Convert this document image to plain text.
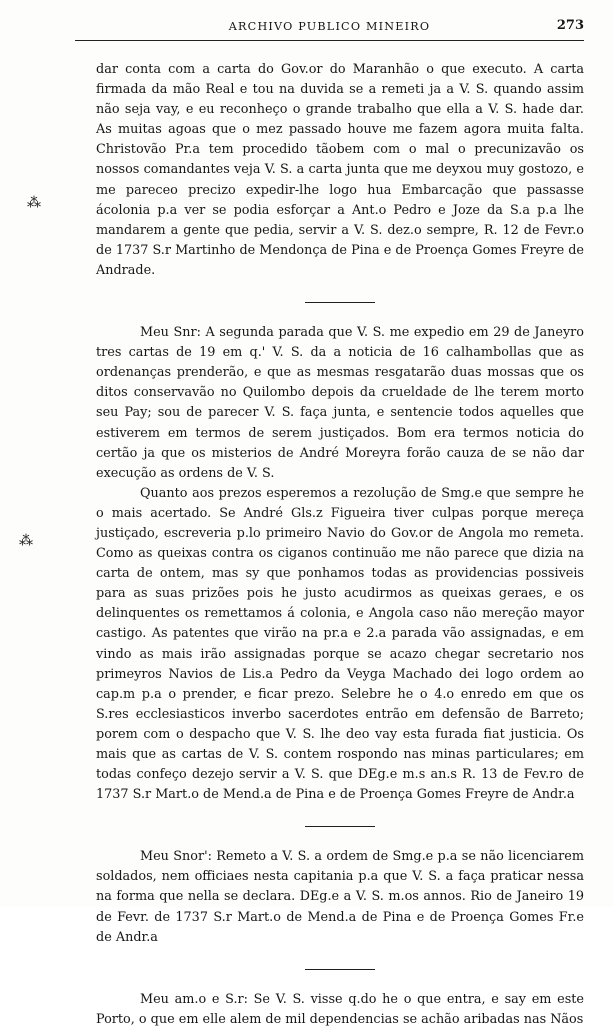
ARCHIVO PUBLICO MINEIRO	273
⁂
⁂

dar conta com a carta do Gov.or do Maranhão o que executo. A carta firmada da mão Real e tou na duvida se a remeti ja a V. S. quando assim não seja vay, e eu reconheço o grande trabalho que ella a V. S. hade dar. As muitas agoas que o mez passado houve me fazem agora muita falta. Christovão Pr.a tem procedido tãobem com o mal o precunizavão os nossos comandantes veja V. S. a carta junta que me deyxou muy gostozo, e me pareceo precizo expedir-lhe logo hua Embarcação que passasse ácolonia p.a ver se podia esforçar a Ant.o Pedro e Joze da S.a p.a lhe mandarem a gente que pedia, servir a V. S. dez.o sempre, R. 12 de Fevr.o de 1737 S.r Martinho de Mendonça de Pina e de Proença Gomes Freyre de Andrade.

Meu Snr: A segunda parada que V. S. me expedio em 29 de Janeyro tres cartas de 19 em q.' V. S. da a noticia de 16 calhambollas que as ordenanças prenderão, e que as mesmas resgatarão duas mossas que os ditos conservavão no Quilombo depois da crueldade de lhe terem morto seu Pay; sou de parecer V. S. faça junta, e sentencie todos aquelles que estiverem em termos de serem justiçados. Bom era termos noticia do certão ja que os misterios de André Moreyra forão cauza de se não dar execução as ordens de V. S.

Quanto aos prezos esperemos a rezolução de Smg.e que sempre he o mais acertado. Se André Gls.z Figueira tiver culpas porque mereça justiçado, escreveria p.lo primeiro Navio do Gov.or de Angola mo remeta. Como as queixas contra os ciganos continuão me não parece que dizia na carta de ontem, mas sy que ponhamos todas as providencias possiveis para as suas prizões pois he justo acudirmos as queixas geraes, e os delinquentes os remettamos á colonia, e Angola caso não mereção mayor castigo. As patentes que virão na pr.a e 2.a parada vão assignadas, e em vindo as mais irão assignadas porque se acazo chegar secretario nos primeyros Navios de Lis.a Pedro da Veyga Machado dei logo ordem ao cap.m p.a o prender, e ficar prezo. Selebre he o 4.o enredo em que os S.res ecclesiasticos inverbo sacerdotes entrão em defensão de Barreto; porem com o despacho que V. S. lhe deo vay esta furada fiat justicia. Os mais que as cartas de V. S. contem rospondo nas minas particulares; em todas confeço dezejo servir a V. S. que DEg.e m.s an.s R. 13 de Fev.ro de 1737 S.r Mart.o de Mend.a de Pina e de Proença Gomes Freyre de Andr.a

Meu Snor': Remeto a V. S. a ordem de Smg.e p.a se não licenciarem soldados, nem officiaes nesta capitania p.a que V. S. a faça praticar nessa na forma que nella se declara. DEg.e a V. S. m.os annos. Rio de Janeiro 19 de Fevr. de 1737 S.r Mart.o de Mend.a de Pina e de Proença Gomes Fr.e de Andr.a

Meu am.o e S.r: Se V. S. visse q.do he o que entra, e say em este Porto, o que em elle alem de mil dependencias se achão aribadas nas Nãos
